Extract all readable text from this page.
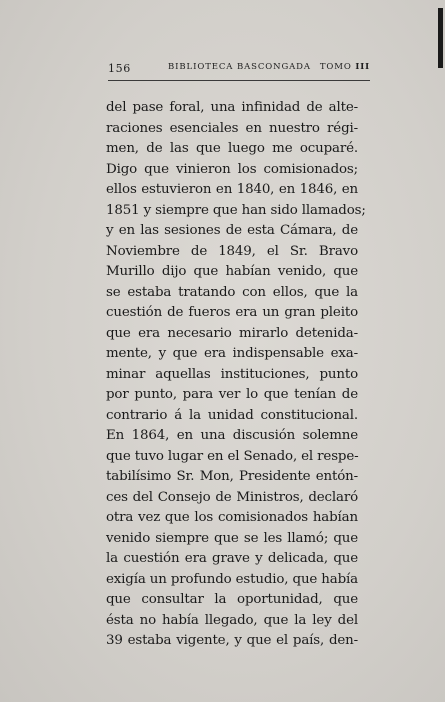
156	BIBLIOTECA BASCONGADA TOMO III
del pase foral, una infinidad de alte-
raciones esenciales en nuestro régi-
men, de las que luego me ocuparé.
Digo que vinieron los comisionados;
ellos estuvieron en 1840, en 1846, en
1851 y siempre que han sido llamados;
y en las sesiones de esta Cámara, de
Noviembre de 1849, el Sr. Bravo
Murillo dijo que habían venido, que
se estaba tratando con ellos, que la
cuestión de fueros era un gran pleito
que era necesario mirarlo detenida-
mente, y que era indispensable exa-
minar aquellas instituciones, punto
por punto, para ver lo que tenían de
contrario á la unidad constitucional.
En 1864, en una discusión solemne
que tuvo lugar en el Senado, el respe-
tabilísimo Sr. Mon, Presidente entón-
ces del Consejo de Ministros, declaró
otra vez que los comisionados habían
venido siempre que se les llamó; que
la cuestión era grave y delicada, que
exigía un profundo estudio, que había
que consultar la oportunidad, que
ésta no había llegado, que la ley del
39 estaba vigente, y que el país, den-
